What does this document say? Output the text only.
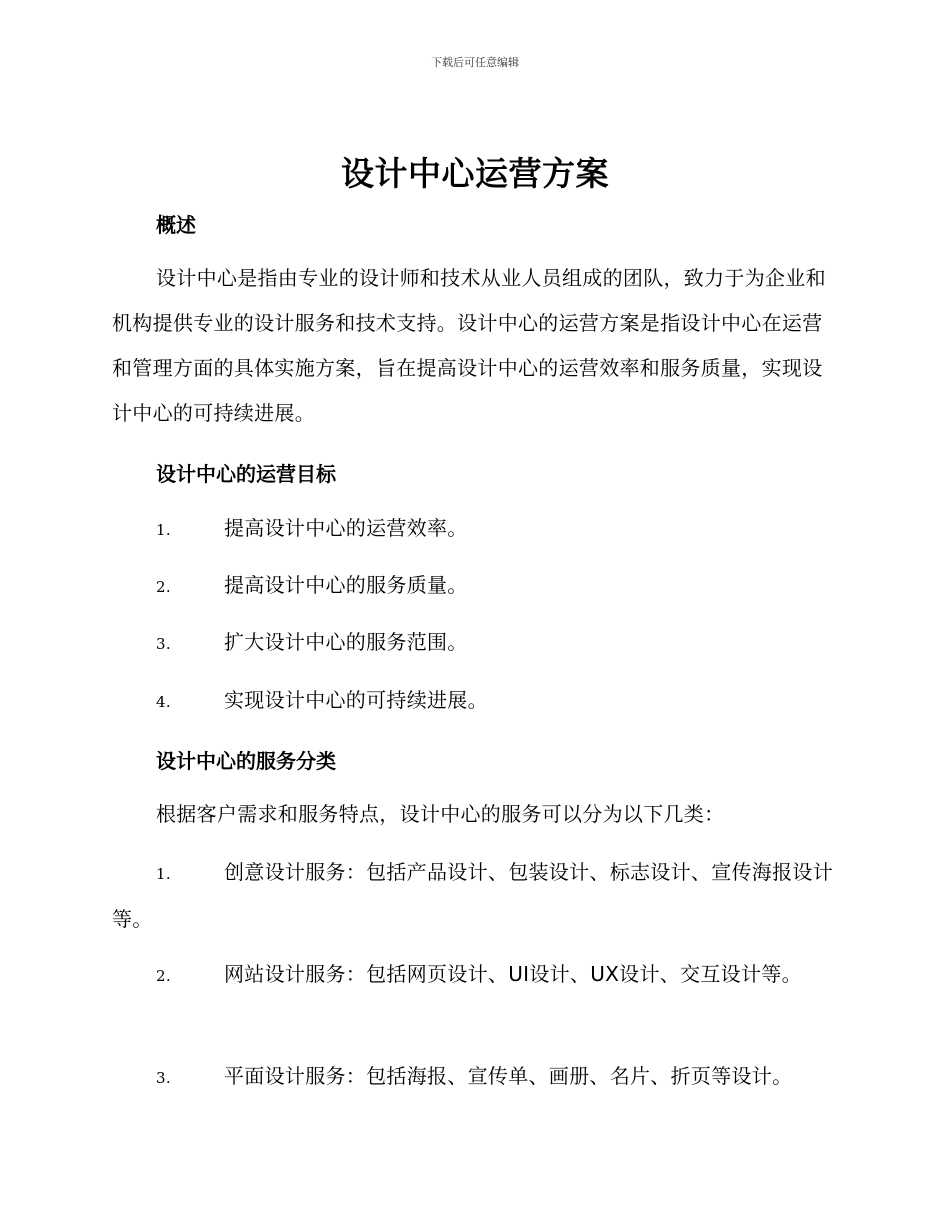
下载后可任意编辑
设计中心运营方案
概述

设计中心是指由专业的设计师和技术从业人员组成的团队，致力于为企业和机构提供专业的设计服务和技术支持。设计中心的运营方案是指设计中心在运营和管理方面的具体实施方案，旨在提高设计中心的运营效率和服务质量，实现设计中心的可持续进展。

设计中心的运营目标

1.	提高设计中心的运营效率。

2.	提高设计中心的服务质量。

3.	扩大设计中心的服务范围。

4.	实现设计中心的可持续进展。

设计中心的服务分类

根据客户需求和服务特点，设计中心的服务可以分为以下几类：

1.	创意设计服务：包括产品设计、包装设计、标志设计、宣传海报设计等。

2.	网站设计服务：包括网页设计、UI设计、UX设计、交互设计等。

3.	平面设计服务：包括海报、宣传单、画册、名片、折页等设计。
